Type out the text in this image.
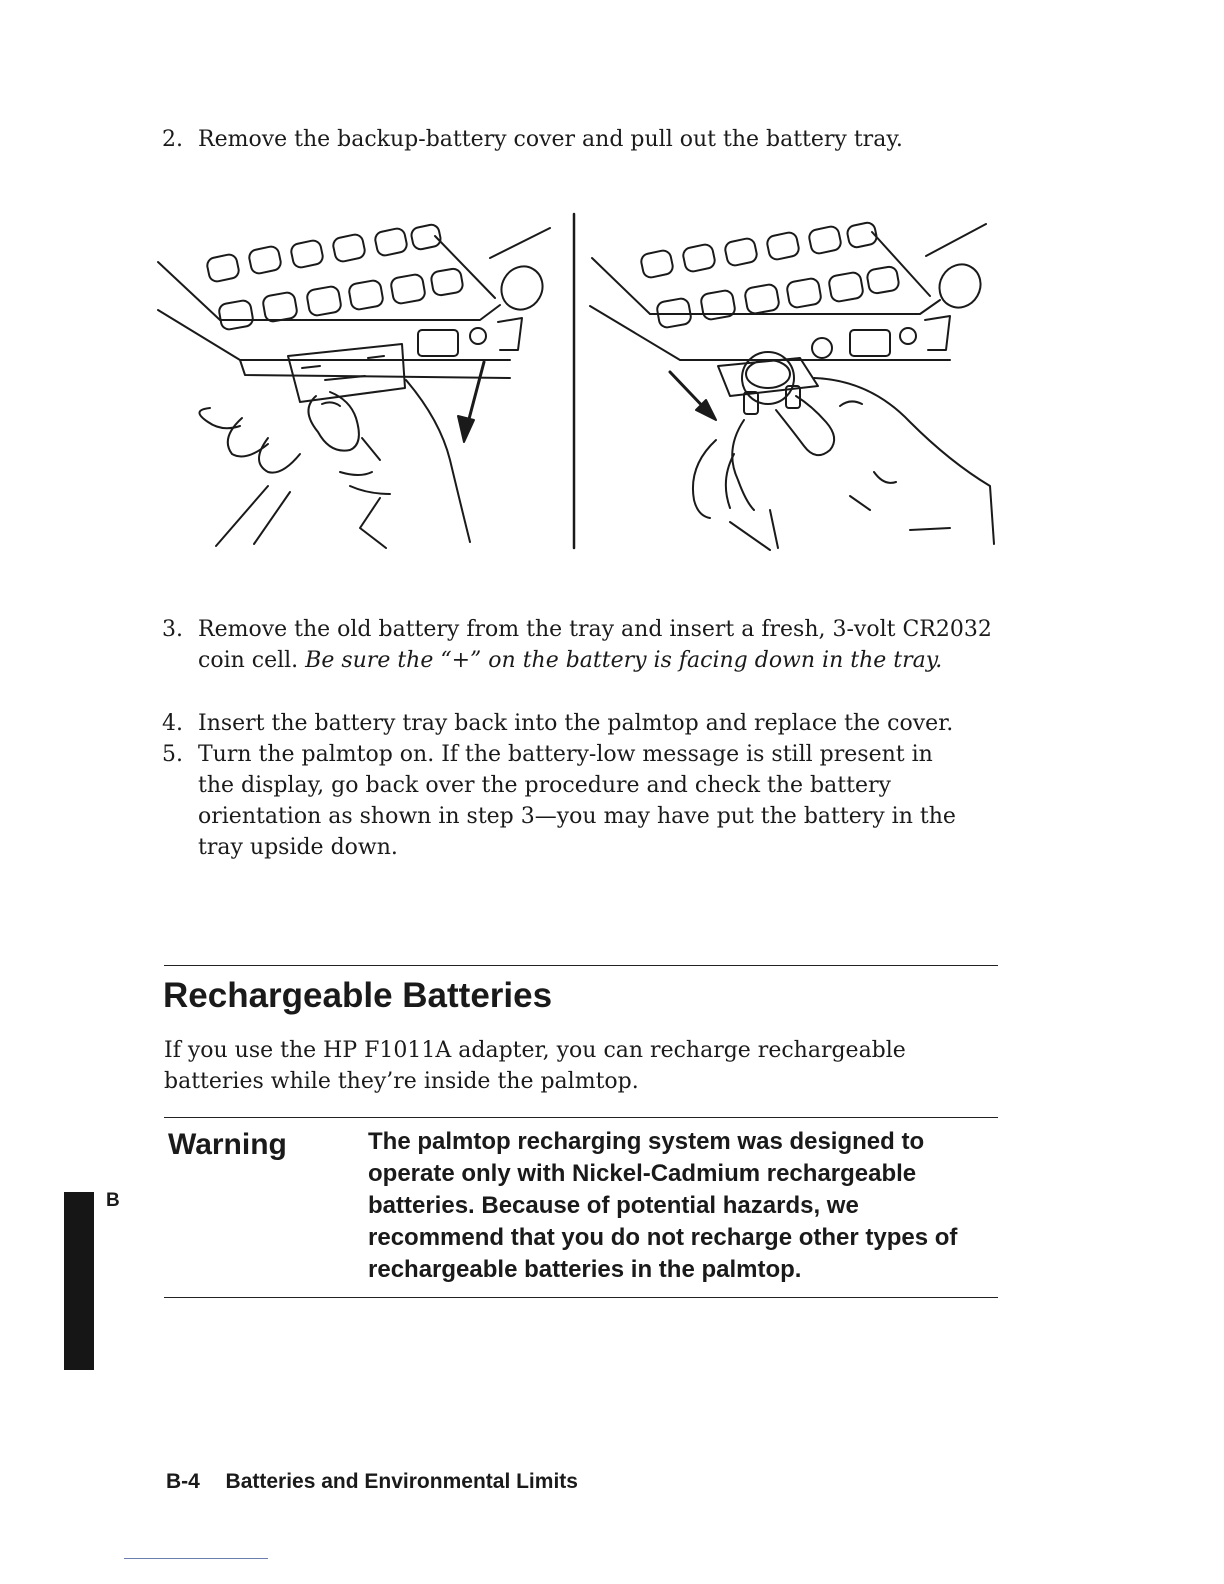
2. Remove the backup-battery cover and pull out the battery tray.
3. Remove the old battery from the tray and insert a fresh, 3-volt CR2032 coin cell. Be sure the “+” on the battery is facing down in the tray.
4. Insert the battery tray back into the palmtop and replace the cover.
5. Turn the palmtop on. If the battery-low message is still present in the display, go back over the procedure and check the battery orientation as shown in step 3—you may have put the battery in the tray upside down.
Rechargeable Batteries
If you use the HP F1011A adapter, you can recharge rechargeable batteries while they’re inside the palmtop.
Warning	The palmtop recharging system was designed to operate only with Nickel-Cadmium rechargeable batteries. Because of potential hazards, we recommend that you do not recharge other types of rechargeable batteries in the palmtop.
B
B-4 Batteries and Environmental Limits
